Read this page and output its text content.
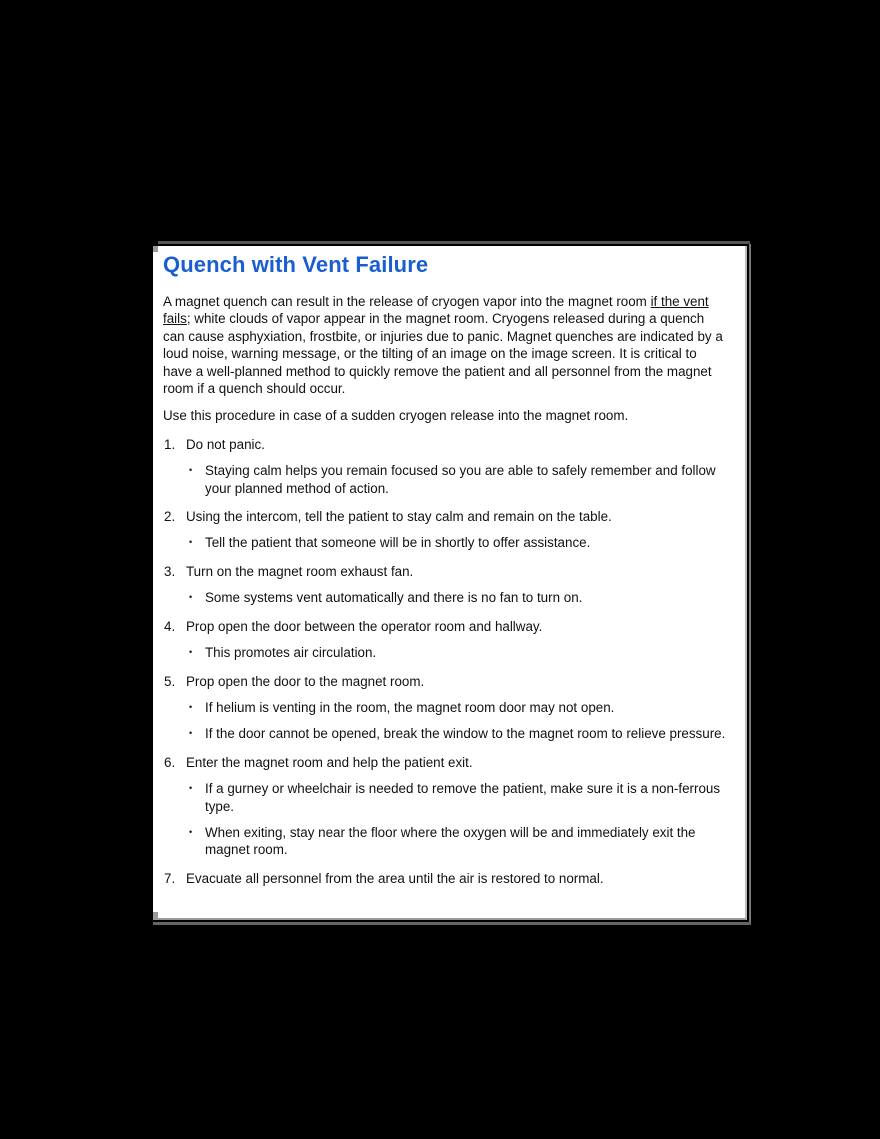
Quench with Vent Failure

A magnet quench can result in the release of cryogen vapor into the magnet room if the vent fails; white clouds of vapor appear in the magnet room. Cryogens released during a quench can cause asphyxiation, frostbite, or injuries due to panic. Magnet quenches are indicated by a loud noise, warning message, or the tilting of an image on the image screen. It is critical to have a well-planned method to quickly remove the patient and all personnel from the magnet room if a quench should occur.

Use this procedure in case of a sudden cryogen release into the magnet room.

1. Do not panic.
• Staying calm helps you remain focused so you are able to safely remember and follow your planned method of action.
2. Using the intercom, tell the patient to stay calm and remain on the table.
• Tell the patient that someone will be in shortly to offer assistance.
3. Turn on the magnet room exhaust fan.
• Some systems vent automatically and there is no fan to turn on.
4. Prop open the door between the operator room and hallway.
• This promotes air circulation.
5. Prop open the door to the magnet room.
• If helium is venting in the room, the magnet room door may not open.
• If the door cannot be opened, break the window to the magnet room to relieve pressure.
6. Enter the magnet room and help the patient exit.
• If a gurney or wheelchair is needed to remove the patient, make sure it is a non-ferrous type.
• When exiting, stay near the floor where the oxygen will be and immediately exit the magnet room.
7. Evacuate all personnel from the area until the air is restored to normal.
